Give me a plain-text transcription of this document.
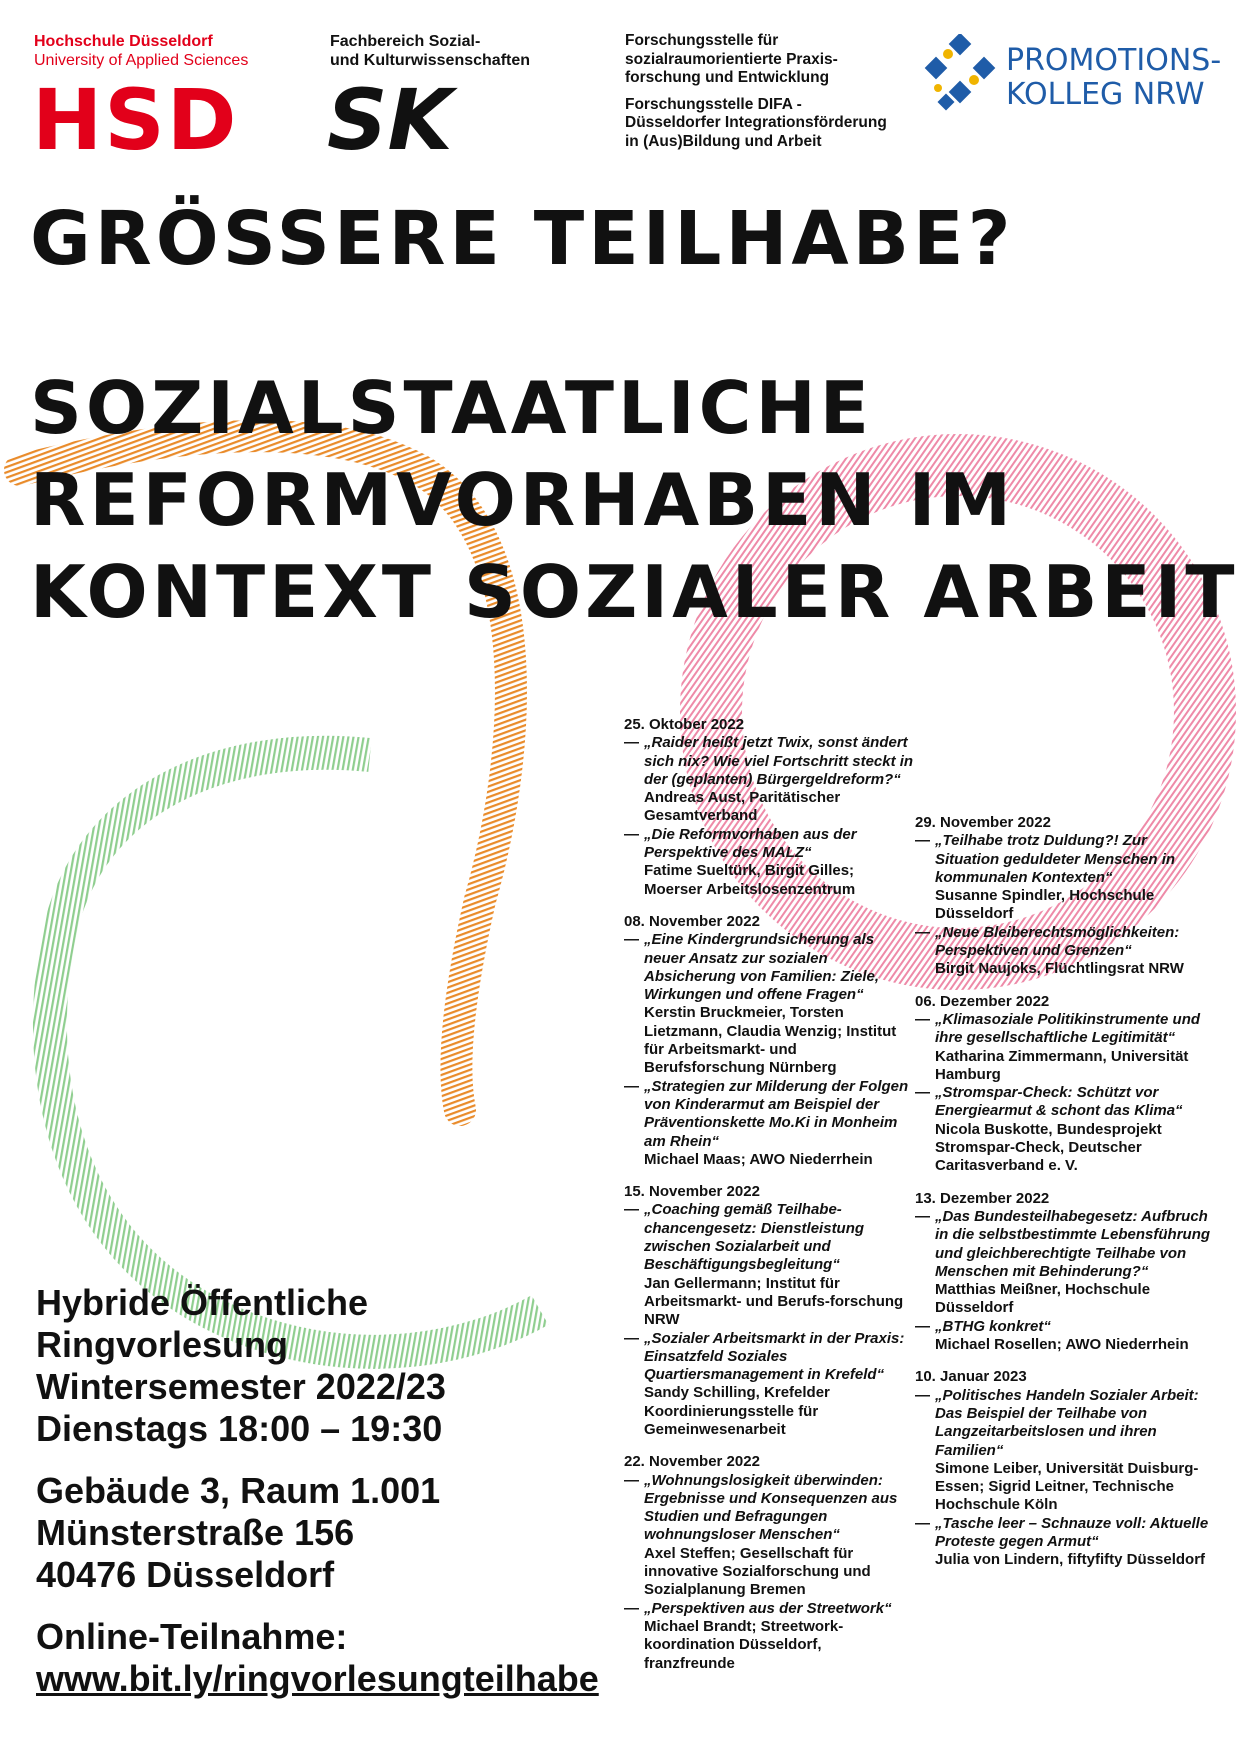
Hochschule Düsseldorf
University of Applied Sciences
HSD
Fachbereich Sozial-
und Kulturwissenschaften
SK

Forschungsstelle für
sozialraumorientierte Praxis-
forschung und Entwicklung

Forschungsstelle DIFA -
Düsseldorfer Integrationsförderung
in (Aus)Bildung und Arbeit

PROMOTIONS-
KOLLEG NRW
GRÖSSERE TEILHABE?
SOZIALSTAATLICHE
REFORMVORHABEN IM
KONTEXT SOZIALER ARBEIT

Hybride Öffentliche
Ringvorlesung
Wintersemester 2022/23
Dienstags 18:00 – 19:30

Gebäude 3, Raum 1.001
Münsterstraße 156
40476 Düsseldorf

Online-Teilnahme:
www.bit.ly/ringvorlesungteilhabe

25. Oktober 2022
— „Raider heißt jetzt Twix, sonst ändert sich nix? Wie viel Fortschritt steckt in der (geplanten) Bürgergeldreform?“
Andreas Aust, Paritätischer Gesamtverband
— „Die Reformvorhaben aus der Perspektive des MALZ“
Fatime Sueltürk, Birgit Gilles; Moerser Arbeitslosenzentrum
08. November 2022
— „Eine Kindergrundsicherung als neuer Ansatz zur sozialen Absicherung von Familien: Ziele, Wirkungen und offene Fragen“
Kerstin Bruckmeier, Torsten Lietzmann, Claudia Wenzig; Institut für Arbeitsmarkt- und Berufsforschung Nürnberg
— „Strategien zur Milderung der Folgen von Kinderarmut am Beispiel der Präventionskette Mo.Ki in Monheim am Rhein“
Michael Maas; AWO Niederrhein
15. November 2022
— „Coaching gemäß Teilhabe-chancengesetz: Dienstleistung zwischen Sozialarbeit und Beschäftigungsbegleitung“
Jan Gellermann; Institut für Arbeitsmarkt- und Berufs-forschung NRW
— „Sozialer Arbeitsmarkt in der Praxis: Einsatzfeld Soziales Quartiersmanagement in Krefeld“
Sandy Schilling, Krefelder Koordinierungsstelle für Gemeinwesenarbeit
22. November 2022
— „Wohnungslosigkeit überwinden: Ergebnisse und Konsequenzen aus Studien und Befragungen wohnungsloser Menschen“
Axel Steffen; Gesellschaft für innovative Sozialforschung und Sozialplanung Bremen
— „Perspektiven aus der Streetwork“
Michael Brandt; Streetwork-koordination Düsseldorf, franzfreunde
29. November 2022
— „Teilhabe trotz Duldung?! Zur Situation geduldeter Menschen in kommunalen Kontexten“
Susanne Spindler, Hochschule Düsseldorf
— „Neue Bleiberechtsmöglichkeiten: Perspektiven und Grenzen“
Birgit Naujoks, Flüchtlingsrat NRW
06. Dezember 2022
— „Klimasoziale Politikinstrumente und ihre gesellschaftliche Legitimität“
Katharina Zimmermann, Universität Hamburg
— „Stromspar-Check: Schützt vor Energiearmut & schont das Klima“
Nicola Buskotte, Bundesprojekt Stromspar-Check, Deutscher Caritasverband e. V.
13. Dezember 2022
— „Das Bundesteilhabegesetz: Aufbruch in die selbstbestimmte Lebensführung und gleichberechtigte Teilhabe von Menschen mit Behinderung?“
Matthias Meißner, Hochschule Düsseldorf
— „BTHG konkret“
Michael Rosellen; AWO Niederrhein
10. Januar 2023
— „Politisches Handeln Sozialer Arbeit: Das Beispiel der Teilhabe von Langzeitarbeitslosen und ihren Familien“
Simone Leiber, Universität Duisburg-Essen; Sigrid Leitner, Technische Hochschule Köln
— „Tasche leer – Schnauze voll: Aktuelle Proteste gegen Armut“
Julia von Lindern, fiftyfifty Düsseldorf
